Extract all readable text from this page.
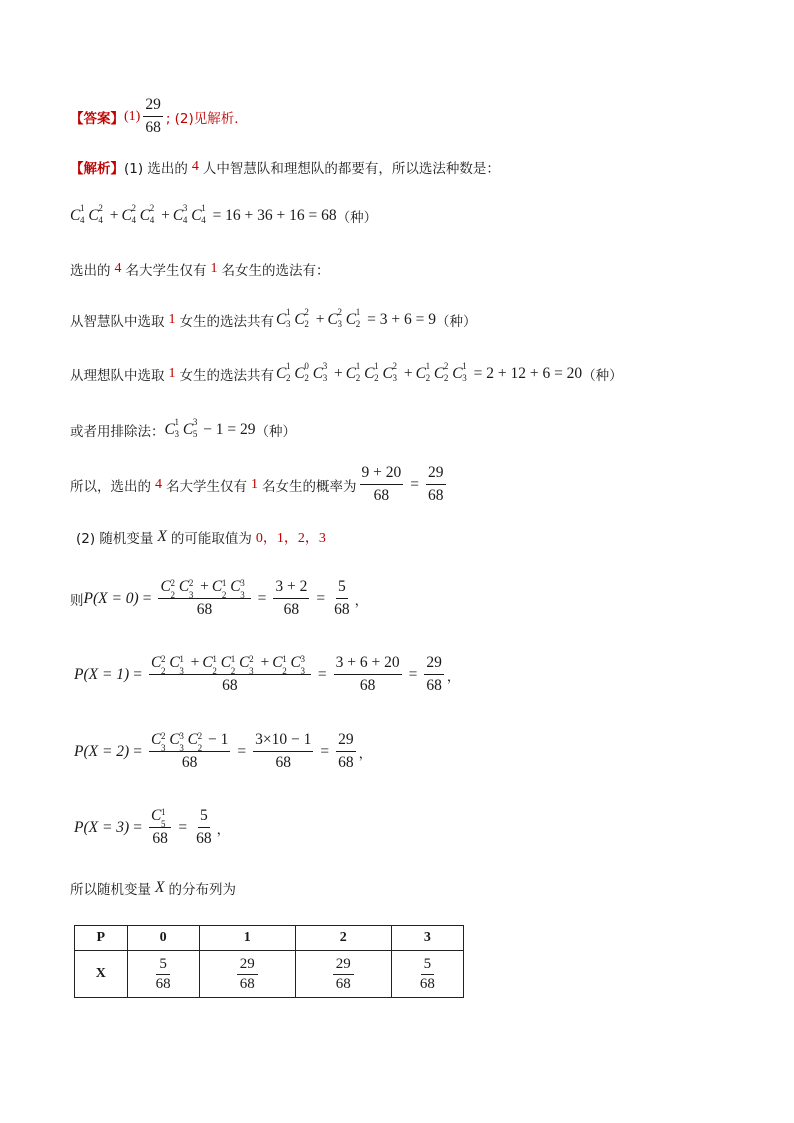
【答案】 $(1) \frac{29}{68}$ ; (2)见解析.
【解析】 (1) 选出的 4 人中智慧队和理想队的都要有，所以选法种数是：
C 1
4 C 2
4 + C 2
4 C 2
4 + C 3
4 C 1
4 = 16 + 36 + 16 = 68 （种）
选出的 4 名大学生仅有 1 名女生的选法有：
从智慧队中选取 1 女生的选法共有 C 1
3 C 2
2 + C 2
3 C 1
2 = 3 + 6 = 9 （种）
从理想队中选取 1 女生的选法共有 C 1
2 C 0
2 C 3
3 + C 1
2 C 1
2 C 2
3 + C 1
2 C 2
2 C 1
3 = 2 + 12 + 6 = 20 （种）
或者用排除法： C 1
3 C 3
5 − 1 = 29 （种）
所以，选出的 4 名大学生仅有 1 名女生的概率为 $\frac{9 + 20}{68} = \frac{29}{68}$
(2) 随机变量 X 的可能取值为 0，1，2，3
则 P(X = 0) = C 2
2 C 2
3 + C 1
2 C 3
3
$68 = \frac{3 + 2}{68} = \frac{5}{68}$ ，
P(X = 1) =
C 2
2 C 1
3 + C 1
2 C 1
2 C 2
3 + C 1
2 C 3
3
68
= $\frac{3 + 6 + 20}{68} = \frac{29}{68}$ ，
P(X = 2) = C 2
3 C 3
3 C 2
2 − 1
$68 = \frac{3\times 10 - 1}{68} = \frac{29}{68}$ ，
P(X = 3) = C 1
5
$68 = \frac{5}{68}$ ，
所以随机变量 X 的分布列为
P	0	1	2	3
X	$\frac{5}{68}$	$\frac{29}{68}$	$\frac{29}{68}$	$\frac{5}{68}$
